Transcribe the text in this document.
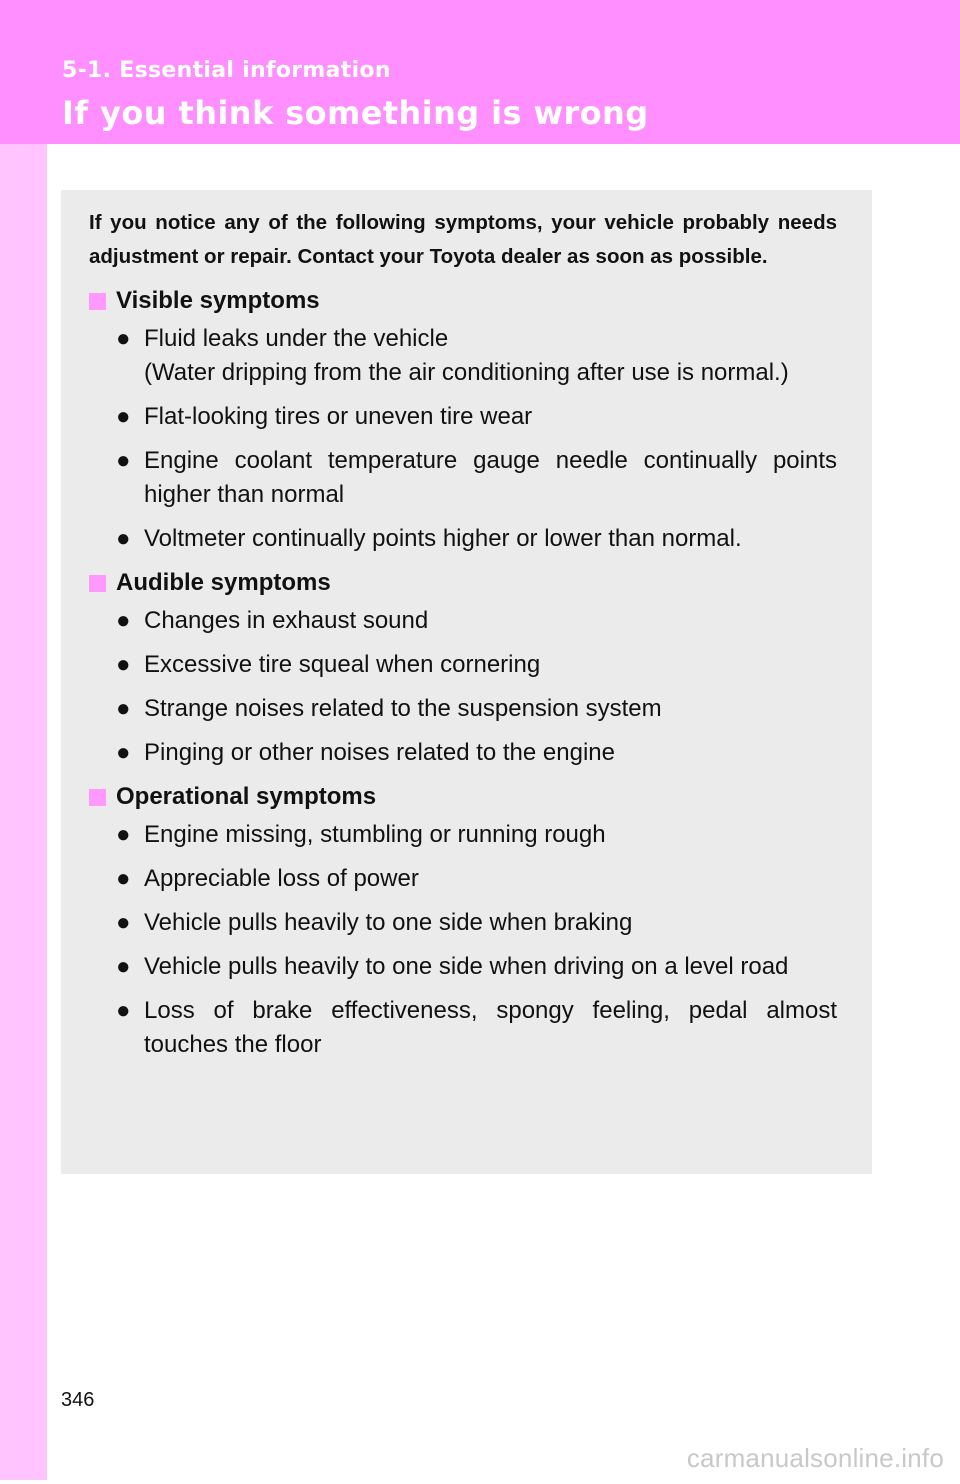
5-1. Essential information
If you think something is wrong

If you notice any of the following symptoms, your vehicle probably needs adjustment or repair. Contact your Toyota dealer as soon as possible.

Visible symptoms
● Fluid leaks under the vehicle
(Water dripping from the air conditioning after use is normal.)
● Flat-looking tires or uneven tire wear
● Engine coolant temperature gauge needle continually points higher than normal
● Voltmeter continually points higher or lower than normal.
Audible symptoms
● Changes in exhaust sound
● Excessive tire squeal when cornering
● Strange noises related to the suspension system
● Pinging or other noises related to the engine
Operational symptoms
● Engine missing, stumbling or running rough
● Appreciable loss of power
● Vehicle pulls heavily to one side when braking
● Vehicle pulls heavily to one side when driving on a level road
● Loss of brake effectiveness, spongy feeling, pedal almost touches the floor
346
carmanualsonline.info
